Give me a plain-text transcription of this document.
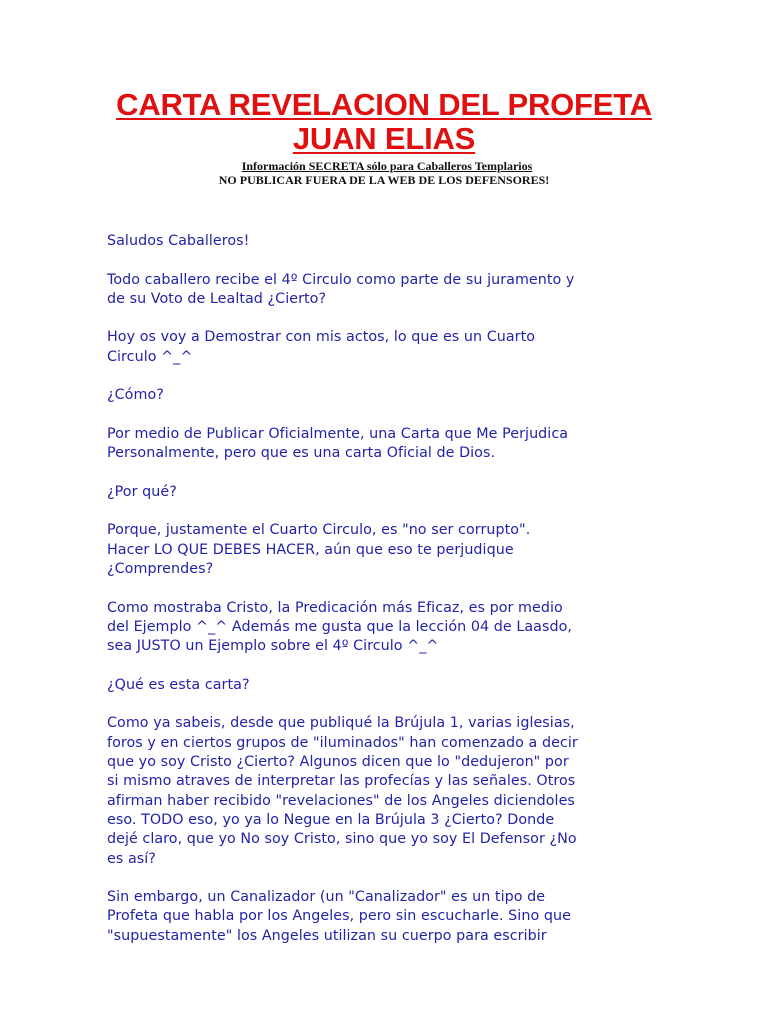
CARTA REVELACION DEL PROFETA
JUAN ELIAS
Información SECRETA sólo para Caballeros Templarios
NO PUBLICAR FUERA DE LA WEB DE LOS DEFENSORES!

Saludos Caballeros!

Todo caballero recibe el 4º Circulo como parte de su juramento y
de su Voto de Lealtad ¿Cierto?

Hoy os voy a Demostrar con mis actos, lo que es un Cuarto
Circulo ^_^

¿Cómo?

Por medio de Publicar Oficialmente, una Carta que Me Perjudica
Personalmente, pero que es una carta Oficial de Dios.

¿Por qué?

Porque, justamente el Cuarto Circulo, es "no ser corrupto".
Hacer LO QUE DEBES HACER, aún que eso te perjudique
¿Comprendes?

Como mostraba Cristo, la Predicación más Eficaz, es por medio
del Ejemplo ^_^ Además me gusta que la lección 04 de Laasdo,
sea JUSTO un Ejemplo sobre el 4º Circulo ^_^

¿Qué es esta carta?

Como ya sabeis, desde que publiqué la Brújula 1, varias iglesias,
foros y en ciertos grupos de "iluminados" han comenzado a decir
que yo soy Cristo ¿Cierto? Algunos dicen que lo "dedujeron" por
si mismo atraves de interpretar las profecías y las señales. Otros
afirman haber recibido "revelaciones" de los Angeles diciendoles
eso. TODO eso, yo ya lo Negue en la Brújula 3 ¿Cierto? Donde
dejé claro, que yo No soy Cristo, sino que yo soy El Defensor ¿No
es así?

Sin embargo, un Canalizador (un "Canalizador" es un tipo de
Profeta que habla por los Angeles, pero sin escucharle. Sino que
"supuestamente" los Angeles utilizan su cuerpo para escribir
